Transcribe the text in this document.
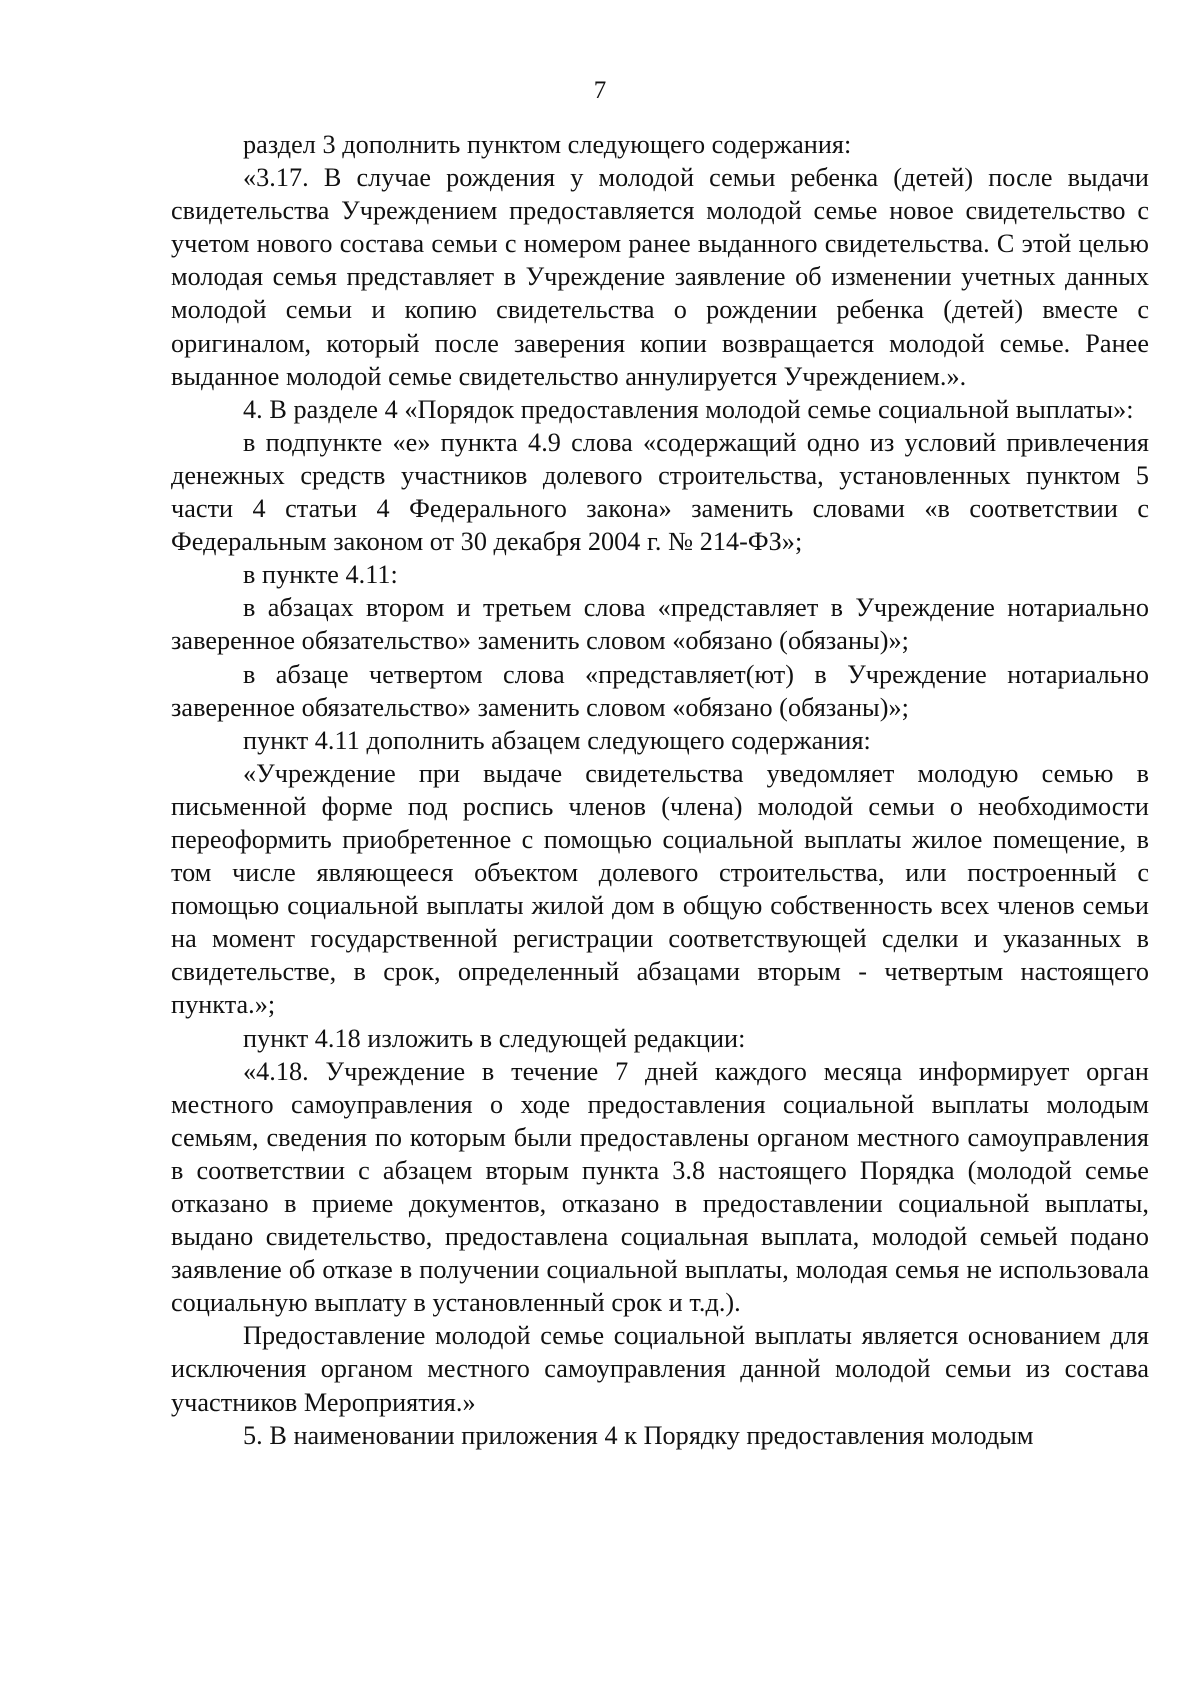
7

раздел 3 дополнить пунктом следующего содержания:

«3.17. В случае рождения у молодой семьи ребенка (детей) после выдачи свидетельства Учреждением предоставляется молодой семье новое свидетельство с учетом нового состава семьи с номером ранее выданного свидетельства. С этой целью молодая семья представляет в Учреждение заявление об изменении учетных данных молодой семьи и копию свидетельства о рождении ребенка (детей) вместе с оригиналом, который после заверения копии возвращается молодой семье. Ранее выданное молодой семье свидетельство аннулируется Учреждением.».

4. В разделе 4 «Порядок предоставления молодой семье социальной выплаты»:

в подпункте «е» пункта 4.9 слова «содержащий одно из условий привлечения денежных средств участников долевого строительства, установленных пунктом 5 части 4 статьи 4 Федерального закона» заменить словами «в соответствии с Федеральным законом от 30 декабря 2004 г. № 214-ФЗ»;

в пункте 4.11:

в абзацах втором и третьем слова «представляет в Учреждение нотариально заверенное обязательство» заменить словом «обязано (обязаны)»;

в абзаце четвертом слова «представляет(ют) в Учреждение нотариально заверенное обязательство» заменить словом «обязано (обязаны)»;

пункт 4.11 дополнить абзацем следующего содержания:

«Учреждение при выдаче свидетельства уведомляет молодую семью в письменной форме под роспись членов (члена) молодой семьи о необходимости переоформить приобретенное с помощью социальной выплаты жилое помещение, в том числе являющееся объектом долевого строительства, или построенный с помощью социальной выплаты жилой дом в общую собственность всех членов семьи на момент государственной регистрации соответствующей сделки и указанных в свидетельстве, в срок, определенный абзацами вторым - четвертым настоящего пункта.»;

пункт 4.18 изложить в следующей редакции:

«4.18. Учреждение в течение 7 дней каждого месяца информирует орган местного самоуправления о ходе предоставления социальной выплаты молодым семьям, сведения по которым были предоставлены органом местного самоуправления в соответствии с абзацем вторым пункта 3.8 настоящего Порядка (молодой семье отказано в приеме документов, отказано в предоставлении социальной выплаты, выдано свидетельство, предоставлена социальная выплата, молодой семьей подано заявление об отказе в получении социальной выплаты, молодая семья не использовала социальную выплату в установленный срок и т.д.).

Предоставление молодой семье социальной выплаты является основанием для исключения органом местного самоуправления данной молодой семьи из состава участников Мероприятия.»

5. В наименовании приложения 4 к Порядку предоставления молодым
